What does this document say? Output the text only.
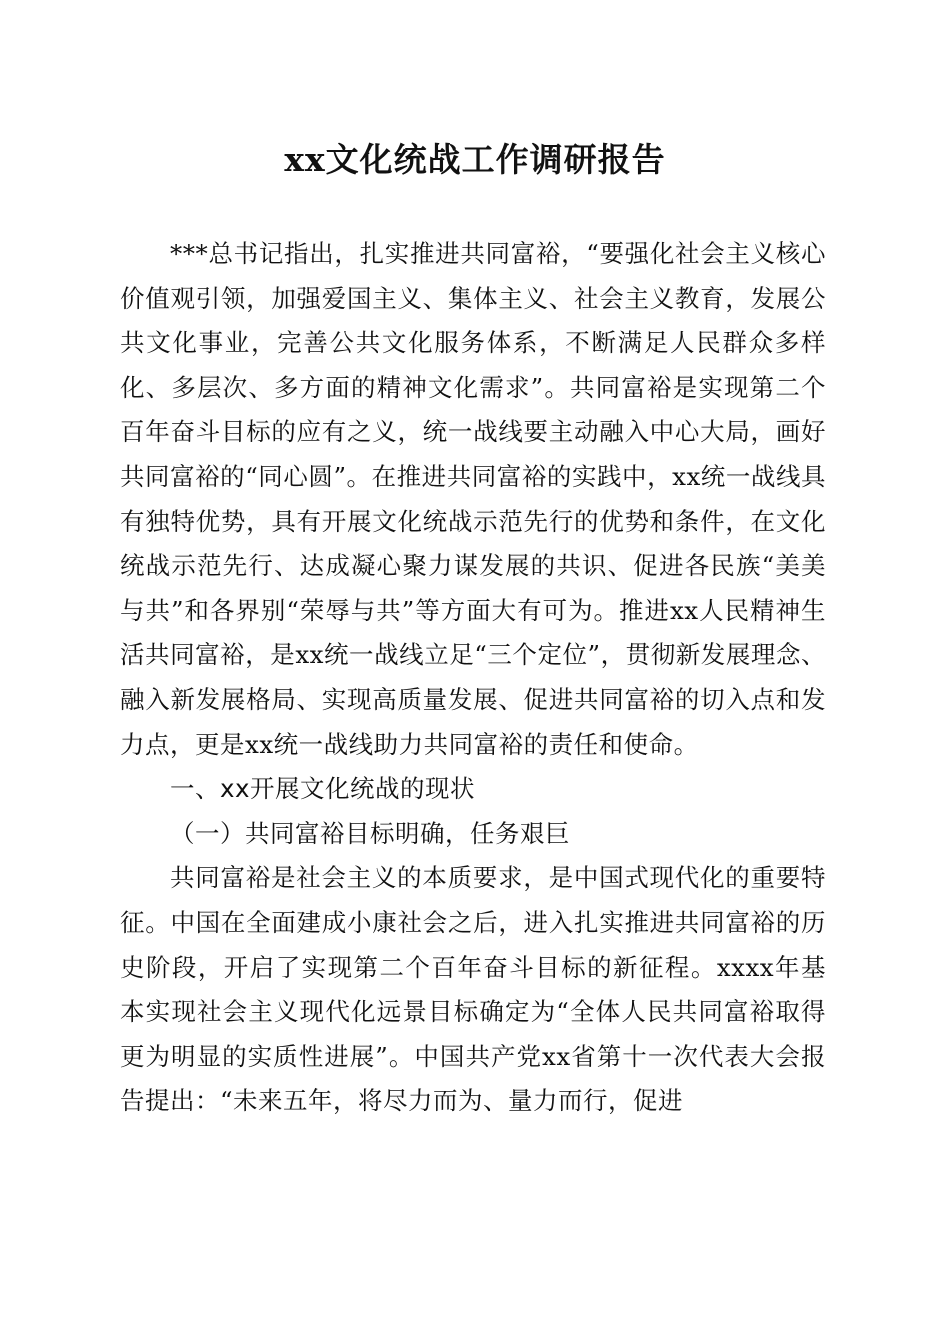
xx文化统战工作调研报告

***总书记指出，扎实推进共同富裕，“要强化社会主义核心价值观引领，加强爱国主义、集体主义、社会主义教育，发展公共文化事业，完善公共文化服务体系，不断满足人民群众多样化、多层次、多方面的精神文化需求”。共同富裕是实现第二个百年奋斗目标的应有之义，统一战线要主动融入中心大局，画好共同富裕的“同心圆”。在推进共同富裕的实践中，xx统一战线具有独特优势，具有开展文化统战示范先行的优势和条件，在文化统战示范先行、达成凝心聚力谋发展的共识、促进各民族“美美与共”和各界别“荣辱与共”等方面大有可为。推进xx人民精神生活共同富裕，是xx统一战线立足“三个定位”，贯彻新发展理念、融入新发展格局、实现高质量发展、促进共同富裕的切入点和发力点，更是xx统一战线助力共同富裕的责任和使命。

一、xx开展文化统战的现状

（一）共同富裕目标明确，任务艰巨

共同富裕是社会主义的本质要求，是中国式现代化的重要特征。中国在全面建成小康社会之后，进入扎实推进共同富裕的历史阶段，开启了实现第二个百年奋斗目标的新征程。xxxx年基本实现社会主义现代化远景目标确定为“全体人民共同富裕取得更为明显的实质性进展”。中国共产党xx省第十一次代表大会报告提出：“未来五年，将尽力而为、量力而行，促进
